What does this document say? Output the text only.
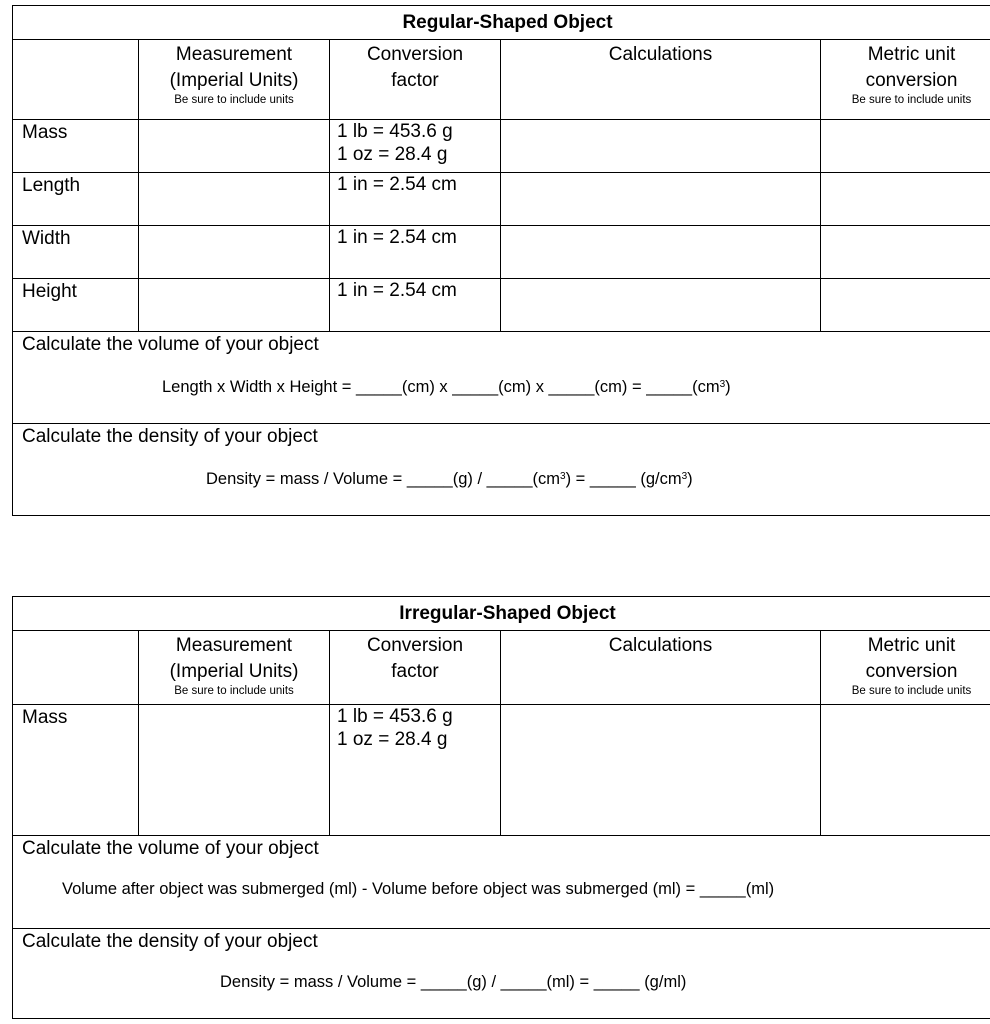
Regular-Shaped Object				
	Measurement
(Imperial Units)
Be sure to include units	Conversion
factor	Calculations	Metric unit
conversion
Be sure to include units

Mass		1 lb = 453.6 g
1 oz = 28.4 g		
Length		1 in = 2.54 cm		
Width		1 in = 2.54 cm		
Height		1 in = 2.54 cm		

Calculate the volume of your object
Length x Width x Height = _____(cm) x _____(cm) x _____(cm) = $\_\_\_\_\_(cm^3)$				

Calculate the density of your object
Density = mass / Volume = _____(g) / $\_\_\_\_\_(cm^3)$ = _____ $(g/cm^3)$				
Irregular-Shaped Object				
	Measurement
(Imperial Units)
Be sure to include units	Conversion
factor	Calculations	Metric unit
conversion
Be sure to include units

Mass		1 lb = 453.6 g
1 oz = 28.4 g		

Calculate the volume of your object
Volume after object was submerged (ml) - Volume before object was submerged (ml) = _____(ml)				

Calculate the density of your object
Density = mass / Volume = _____(g) / _____(ml) = _____ (g/ml)				
